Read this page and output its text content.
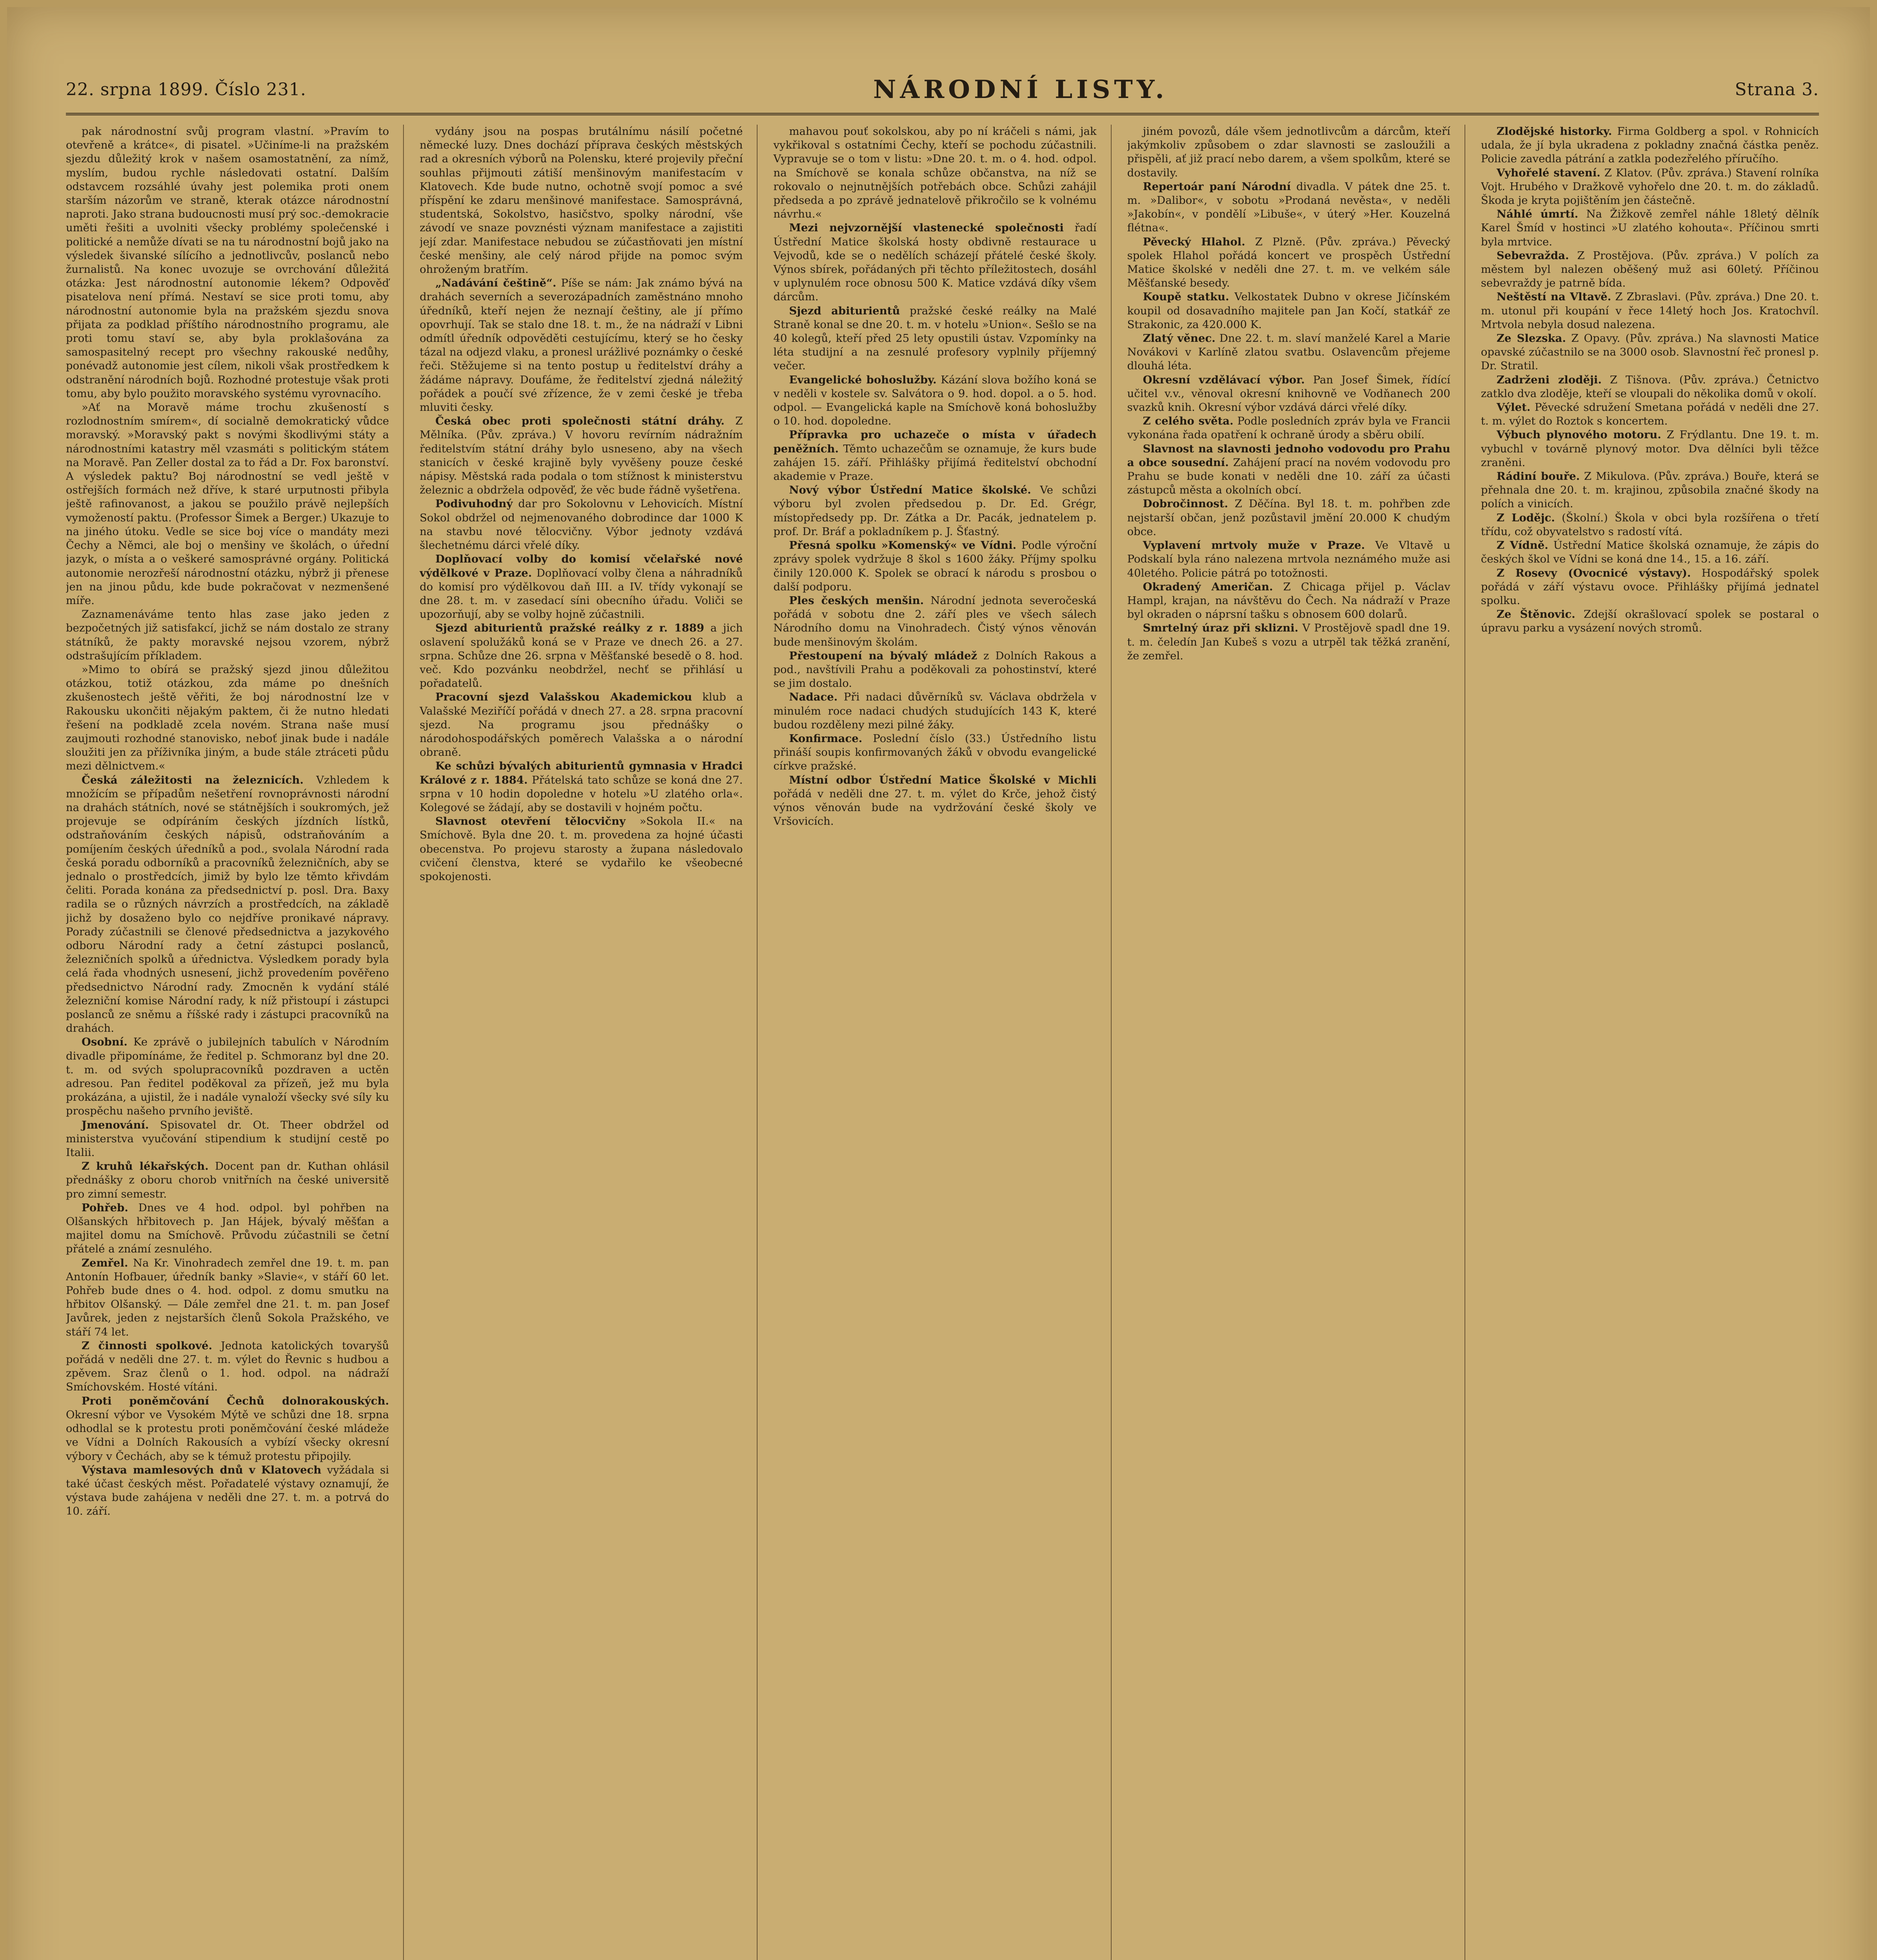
22. srpna 1899. Číslo 231.	NÁRODNÍ LISTY.	Strana 3.

pak národnostní svůj program vlastní. »Pravím to otevřeně a krátce«, di pisatel. »Učiníme-li na pražském sjezdu důležitý krok v našem osamostatnění, za nímž, myslím, budou rychle následovati ostatní. Dalším odstavcem rozsáhlé úvahy jest polemika proti onem starším názorům ve straně, kterak otázce národnostní naproti. Jako strana budoucnosti musí prý soc.-demokracie uměti řešiti a uvolniti všecky problémy společenské i politické a nemůže dívati se na tu národnostní bojů jako na výsledek šivanské sílícího a jednotlivcův, poslanců nebo žurnalistů. Na konec uvozuje se ovrchování důležitá otázka: Jest národnostní autonomie lékem? Odpověď pisatelova není přímá. Nestaví se sice proti tomu, aby národnostní autonomie byla na pražském sjezdu snova přijata za podklad příštího národnostního programu, ale proti tomu staví se, aby byla proklašována za samospasitelný recept pro všechny rakouské nedůhy, ponévadž autonomie jest cílem, nikoli však prostředkem k odstranění národních bojů. Rozhodné protestuje však proti tomu, aby bylo použito moravského systému vyrovnacího.

»Ať na Moravě máme trochu zkušeností s rozlodnostním smírem«, dí socialně demokratický vůdce moravský. »Moravský pakt s novými škodlivými státy a národnostními katastry měl vzasmáti s politickým státem na Moravě. Pan Zeller dostal za to řád a Dr. Fox baronství. A výsledek paktu? Boj národnostní se vedl ještě v ostřejších formách než dříve, k staré urputnosti přibyla ještě rafinovanost, a jakou se použilo právě nejlepších vymožeností paktu. (Professor Šimek a Berger.) Ukazuje to na jiného útoku. Vedle se sice boj více o mandáty mezi Čechy a Němci, ale boj o menšiny ve školách, o úřední jazyk, o místa a o veškeré samosprávné orgány. Politická autonomie nerozřeší národnostní otázku, nýbrž ji přenese jen na jinou půdu, kde bude pokračovat v nezmenšené míře.

Zaznamenáváme tento hlas zase jako jeden z bezpočetných již satisfakcí, jichž se nám dostalo ze strany státníků, že pakty moravské nejsou vzorem, nýbrž odstrašujícím příkladem.

»Mimo to obírá se pražský sjezd jinou důležitou otázkou, totiž otázkou, zda máme po dnešních zkušenostech ještě věřiti, že boj národnostní lze v Rakousku ukončiti nějakým paktem, či že nutno hledati řešení na podkladě zcela novém. Strana naše musí zaujmouti rozhodné stanovisko, neboť jinak bude i nadále sloužiti jen za příživníka jiným, a bude stále ztráceti půdu mezi dělnictvem.«

Česká záležitosti na železnicích. Vzhledem k množícím se případům nešetření rovnoprávnosti národní na drahách státních, nové se státnějších i soukromých, jež projevuje se odpíráním českých jízdních lístků, odstraňováním českých nápisů, odstraňováním a pomíjením českých úředníků a pod., svolala Národní rada česká poradu odborníků a pracovníků železničních, aby se jednalo o prostředcích, jimiž by bylo lze těmto křivdám čeliti. Porada konána za předsednictví p. posl. Dra. Baxy radila se o různých návrzích a prostředcích, na základě jichž by dosaženo bylo co nejdříve pronikavé nápravy. Porady zúčastnili se členové předsednictva a jazykového odboru Národní rady a četní zástupci poslanců, železničních spolků a úřednictva. Výsledkem porady byla celá řada vhodných usnesení, jichž provedením pověřeno předsednictvo Národní rady. Zmocněn k vydání stálé železniční komise Národní rady, k níž přistoupí i zástupci poslanců ze sněmu a říšské rady i zástupci pracovníků na drahách.

Osobní. Ke zprávě o jubilejních tabulích v Národním divadle připomínáme, že ředitel p. Schmoranz byl dne 20. t. m. od svých spolupracovníků pozdraven a uctěn adresou. Pan ředitel poděkoval za přízeň, jež mu byla prokázána, a ujistil, že i nadále vynaloží všecky své síly ku prospěchu našeho prvního jeviště.

Jmenování. Spisovatel dr. Ot. Theer obdržel od ministerstva vyučování stipendium k studijní cestě po Italii.

Z kruhů lékařských. Docent pan dr. Kuthan ohlásil přednášky z oboru chorob vnitřních na české universitě pro zimní semestr.

Pohřeb. Dnes ve 4 hod. odpol. byl pohřben na Olšanských hřbitovech p. Jan Hájek, bývalý měšťan a majitel domu na Smíchově. Průvodu zúčastnili se četní přátelé a známí zesnulého.

Zemřel. Na Kr. Vinohradech zemřel dne 19. t. m. pan Antonín Hofbauer, úředník banky »Slavie«, v stáří 60 let. Pohřeb bude dnes o 4. hod. odpol. z domu smutku na hřbitov Olšanský. — Dále zemřel dne 21. t. m. pan Josef Javůrek, jeden z nejstarších členů Sokola Pražského, ve stáří 74 let.

Z činnosti spolkové. Jednota katolických tovaryšů pořádá v neděli dne 27. t. m. výlet do Řevnic s hudbou a zpěvem. Sraz členů o 1. hod. odpol. na nádraží Smíchovském. Hosté vítáni.

Proti poněmčování Čechů dolnorakouských. Okresní výbor ve Vysokém Mýtě ve schůzi dne 18. srpna odhodlal se k protestu proti poněmčování české mládeže ve Vídni a Dolních Rakousích a vybízí všecky okresní výbory v Čechách, aby se k témuž protestu připojily.

Výstava mamlesových dnů v Klatovech vyžádala si také účast českých měst. Pořadatelé výstavy oznamují, že výstava bude zahájena v neděli dne 27. t. m. a potrvá do 10. září.

vydány jsou na pospas brutálnímu násilí početné německé luzy. Dnes dochází příprava českých městských rad a okresních výborů na Polensku, které projevily přeční souhlas přijmouti zátiší menšinovým manifestacím v Klatovech. Kde bude nutno, ochotně svojí pomoc a své příspění ke zdaru menšinové manifestace. Samosprávná, studentská, Sokolstvo, hasičstvo, spolky národní, vše závodí ve snaze povznésti význam manifestace a zajistiti její zdar. Manifestace nebudou se zúčastňovati jen místní české menšiny, ale celý národ přijde na pomoc svým ohroženým bratřím.

„Nadávání češtině“. Píše se nám: Jak známo bývá na drahách severních a severozápadních zaměstnáno mnoho úředníků, kteří nejen že neznají češtiny, ale jí přímo opovrhují. Tak se stalo dne 18. t. m., že na nádraží v Libni odmítl úředník odpověděti cestujícímu, který se ho česky tázal na odjezd vlaku, a pronesl urážlivé poznámky o české řeči. Stěžujeme si na tento postup u ředitelství dráhy a žádáme nápravy. Doufáme, že ředitelství zjedná náležitý pořádek a poučí své zřízence, že v zemi české je třeba mluviti česky.

Česká obec proti společnosti státní dráhy. Z Mělníka. (Pův. zpráva.) V hovoru revírním nádražním ředitelstvím státní dráhy bylo usneseno, aby na všech stanicích v české krajině byly vyvěšeny pouze české nápisy. Městská rada podala o tom stížnost k ministerstvu železnic a obdržela odpověď, že věc bude řádně vyšetřena.

Podivuhodný dar pro Sokolovnu v Lehovicích. Místní Sokol obdržel od nejmenovaného dobrodince dar 1000 K na stavbu nové tělocvičny. Výbor jednoty vzdává šlechetnému dárci vřelé díky.

Doplňovací volby do komisí včelařské nové výdělkové v Praze. Doplňovací volby člena a náhradníků do komisí pro výdělkovou daň III. a IV. třídy vykonají se dne 28. t. m. v zasedací síni obecního úřadu. Voliči se upozorňují, aby se volby hojně zúčastnili.

Sjezd abiturientů pražské reálky z r. 1889 a jich oslavení spolužáků koná se v Praze ve dnech 26. a 27. srpna. Schůze dne 26. srpna v Měšťanské besedě o 8. hod. več. Kdo pozvánku neobdržel, nechť se přihlásí u pořadatelů.

Pracovní sjezd Valašskou Akademickou klub a Valašské Meziříčí pořádá v dnech 27. a 28. srpna pracovní sjezd. Na programu jsou přednášky o národohospodářských poměrech Valašska a o národní obraně.

Ke schůzi bývalých abiturientů gymnasia v Hradci Králové z r. 1884. Přátelská tato schůze se koná dne 27. srpna v 10 hodin dopoledne v hotelu »U zlatého orla«. Kolegové se žádají, aby se dostavili v hojném počtu.

Slavnost otevření tělocvičny »Sokola II.« na Smíchově. Byla dne 20. t. m. provedena za hojné účasti obecenstva. Po projevu starosty a župana následovalo cvičení členstva, které se vydařilo ke všeobecné spokojenosti.

mahavou pouť sokolskou, aby po ní kráčeli s námi, jak vykřikoval s ostatními Čechy, kteří se pochodu zúčastnili. Vypravuje se o tom v listu: »Dne 20. t. m. o 4. hod. odpol. na Smíchově se konala schůze občanstva, na níž se rokovalo o nejnutnějších potřebách obce. Schůzi zahájil předseda a po zprávě jednatelově přikročilo se k volnému návrhu.«

Mezi nejvzornější vlastenecké společnosti řadí Ústřední Matice školská hosty obdivně restaurace u Vejvodů, kde se o nedělích scházejí přátelé české školy. Výnos sbírek, pořádaných při těchto příležitostech, dosáhl v uplynulém roce obnosu 500 K. Matice vzdává díky všem dárcům.

Sjezd abiturientů pražské české reálky na Malé Straně konal se dne 20. t. m. v hotelu »Union«. Sešlo se na 40 kolegů, kteří před 25 lety opustili ústav. Vzpomínky na léta studijní a na zesnulé profesory vyplnily příjemný večer.

Evangelické bohoslužby. Kázání slova božího koná se v neděli v kostele sv. Salvátora o 9. hod. dopol. a o 5. hod. odpol. — Evangelická kaple na Smíchově koná bohoslužby o 10. hod. dopoledne.

Přípravka pro uchazeče o místa v úřadech peněžních. Těmto uchazečům se oznamuje, že kurs bude zahájen 15. září. Přihlášky přijímá ředitelství obchodní akademie v Praze.

Nový výbor Ústřední Matice školské. Ve schůzi výboru byl zvolen předsedou p. Dr. Ed. Grégr, místopředsedy pp. Dr. Zátka a Dr. Pacák, jednatelem p. prof. Dr. Bráf a pokladníkem p. J. Šťastný.

Přesná spolku »Komenský« ve Vídni. Podle výroční zprávy spolek vydržuje 8 škol s 1600 žáky. Příjmy spolku činily 120.000 K. Spolek se obrací k národu s prosbou o další podporu.

Ples českých menšin. Národní jednota severočeská pořádá v sobotu dne 2. září ples ve všech sálech Národního domu na Vinohradech. Čistý výnos věnován bude menšinovým školám.

Přestoupení na bývalý mládež z Dolních Rakous a pod., navštívili Prahu a poděkovali za pohostinství, které se jim dostalo.

Nadace. Při nadaci důvěrníků sv. Václava obdržela v minulém roce nadaci chudých studujících 143 K, které budou rozděleny mezi pilné žáky.

Konfirmace. Poslední číslo (33.) Ústředního listu přináší soupis konfirmovaných žáků v obvodu evangelické církve pražské.

Místní odbor Ústřední Matice Školské v Michli pořádá v neděli dne 27. t. m. výlet do Krče, jehož čistý výnos věnován bude na vydržování české školy ve Vršovicích.

jiném povozů, dále všem jednotlivcům a dárcům, kteří jakýmkoliv způsobem o zdar slavnosti se zasloužili a přispěli, ať již prací nebo darem, a všem spolkům, které se dostavily.

Repertoár paní Národní divadla. V pátek dne 25. t. m. »Dalibor«, v sobotu »Prodaná nevěsta«, v neděli »Jakobín«, v pondělí »Libuše«, v úterý »Her. Kouzelná flétna«.

Pěvecký Hlahol. Z Plzně. (Pův. zpráva.) Pěvecký spolek Hlahol pořádá koncert ve prospěch Ústřední Matice školské v neděli dne 27. t. m. ve velkém sále Měšťanské besedy.

Koupě statku. Velkostatek Dubno v okrese Jičínském koupil od dosavadního majitele pan Jan Kočí, statkář ze Strakonic, za 420.000 K.

Zlatý věnec. Dne 22. t. m. slaví manželé Karel a Marie Novákovi v Karlíně zlatou svatbu. Oslavencům přejeme dlouhá léta.

Okresní vzdělávací výbor. Pan Josef Šimek, řídící učitel v.v., věnoval okresní knihovně ve Vodňanech 200 svazků knih. Okresní výbor vzdává dárci vřelé díky.

Z celého světa. Podle posledních zpráv byla ve Francii vykonána řada opatření k ochraně úrody a sběru obilí.

Slavnost na slavnosti jednoho vodovodu pro Prahu a obce sousední. Zahájení prací na novém vodovodu pro Prahu se bude konati v neděli dne 10. září za účasti zástupců města a okolních obcí.

Dobročinnost. Z Děčína. Byl 18. t. m. pohřben zde nejstarší občan, jenž pozůstavil jmění 20.000 K chudým obce.

Vyplavení mrtvoly muže v Praze. Ve Vltavě u Podskalí byla ráno nalezena mrtvola neznámého muže asi 40letého. Policie pátrá po totožnosti.

Okradený Američan. Z Chicaga přijel p. Václav Hampl, krajan, na návštěvu do Čech. Na nádraží v Praze byl okraden o náprsní tašku s obnosem 600 dolarů.

Smrtelný úraz při sklizni. V Prostějově spadl dne 19. t. m. čeledín Jan Kubeš s vozu a utrpěl tak těžká zranění, že zemřel.

Zlodějské historky. Firma Goldberg a spol. v Rohnicích udala, že jí byla ukradena z pokladny značná částka peněz. Policie zavedla pátrání a zatkla podezřelého příručího.

Vyhořelé stavení. Z Klatov. (Pův. zpráva.) Stavení rolníka Vojt. Hrubého v Dražkově vyhořelo dne 20. t. m. do základů. Škoda je kryta pojištěním jen částečně.

Náhlé úmrtí. Na Žižkově zemřel náhle 18letý dělník Karel Šmíd v hostinci »U zlatého kohouta«. Příčinou smrti byla mrtvice.

Sebevražda. Z Prostějova. (Pův. zpráva.) V polích za městem byl nalezen oběšený muž asi 60letý. Příčinou sebevraždy je patrně bída.

Neštěstí na Vltavě. Z Zbraslavi. (Pův. zpráva.) Dne 20. t. m. utonul při koupání v řece 14letý hoch Jos. Kratochvíl. Mrtvola nebyla dosud nalezena.

Ze Slezska. Z Opavy. (Pův. zpráva.) Na slavnosti Matice opavské zúčastnilo se na 3000 osob. Slavnostní řeč pronesl p. Dr. Stratil.

Zadrženi zloději. Z Tišnova. (Pův. zpráva.) Četnictvo zatklo dva zloděje, kteří se vloupali do několika domů v okolí.

Výlet. Pěvecké sdružení Smetana pořádá v neděli dne 27. t. m. výlet do Roztok s koncertem.

Výbuch plynového motoru. Z Frýdlantu. Dne 19. t. m. vybuchl v továrně plynový motor. Dva dělníci byli těžce zraněni.

Rádiní bouře. Z Mikulova. (Pův. zpráva.) Bouře, která se přehnala dne 20. t. m. krajinou, způsobila značné škody na polích a vinicích.

Z Lodějc. (Školní.) Škola v obci byla rozšířena o třetí třídu, což obyvatelstvo s radostí vítá.

Z Vídně. Ústřední Matice školská oznamuje, že zápis do českých škol ve Vídni se koná dne 14., 15. a 16. září.

Z Rosevy (Ovocnicé výstavy). Hospodářský spolek pořádá v září výstavu ovoce. Přihlášky přijímá jednatel spolku.

Ze Štěnovic. Zdejší okrašlovací spolek se postaral o úpravu parku a vysázení nových stromů.
